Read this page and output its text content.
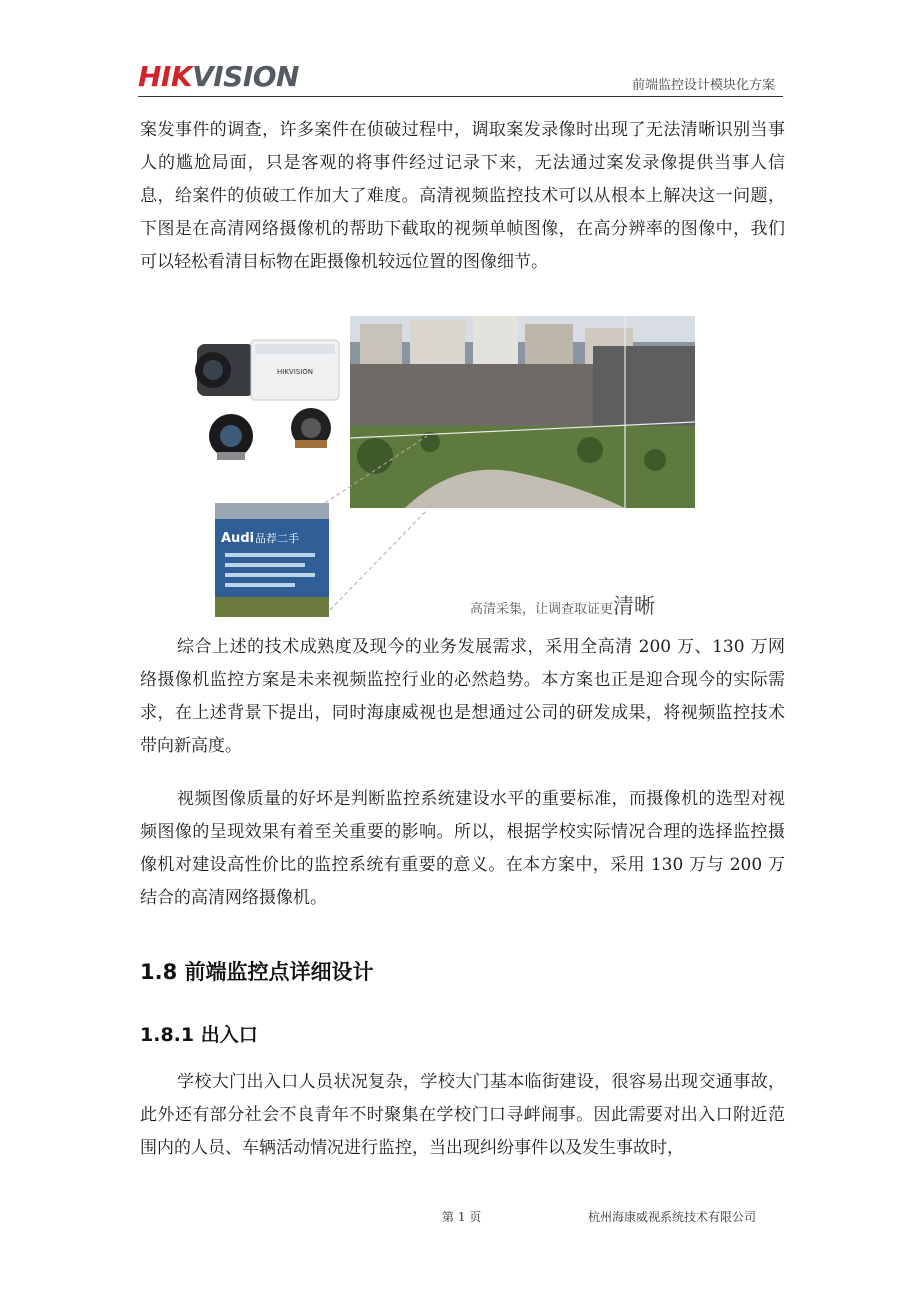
HIKVISION	前端监控设计模块化方案

案发事件的调查，许多案件在侦破过程中，调取案发录像时出现了无法清晰识别当事人的尴尬局面，只是客观的将事件经过记录下来，无法通过案发录像提供当事人信息，给案件的侦破工作加大了难度。高清视频监控技术可以从根本上解决这一问题，下图是在高清网络摄像机的帮助下截取的视频单帧图像，在高分辨率的图像中，我们可以轻松看清目标物在距摄像机较远位置的图像细节。

HIKVISION
Audi 品荐二手
高清采集，让调查取证更清晰

综合上述的技术成熟度及现今的业务发展需求，采用全高清 200 万、130 万网络摄像机监控方案是未来视频监控行业的必然趋势。本方案也正是迎合现今的实际需求，在上述背景下提出，同时海康威视也是想通过公司的研发成果，将视频监控技术带向新高度。

视频图像质量的好坏是判断监控系统建设水平的重要标准，而摄像机的选型对视频图像的呈现效果有着至关重要的影响。所以，根据学校实际情况合理的选择监控摄像机对建设高性价比的监控系统有重要的意义。在本方案中，采用 130 万与 200 万结合的高清网络摄像机。

1.8 前端监控点详细设计
1.8.1 出入口

学校大门出入口人员状况复杂，学校大门基本临街建设，很容易出现交通事故，此外还有部分社会不良青年不时聚集在学校门口寻衅闹事。因此需要对出入口附近范围内的人员、车辆活动情况进行监控，当出现纠纷事件以及发生事故时，

第 1 页	杭州海康威视系统技术有限公司
